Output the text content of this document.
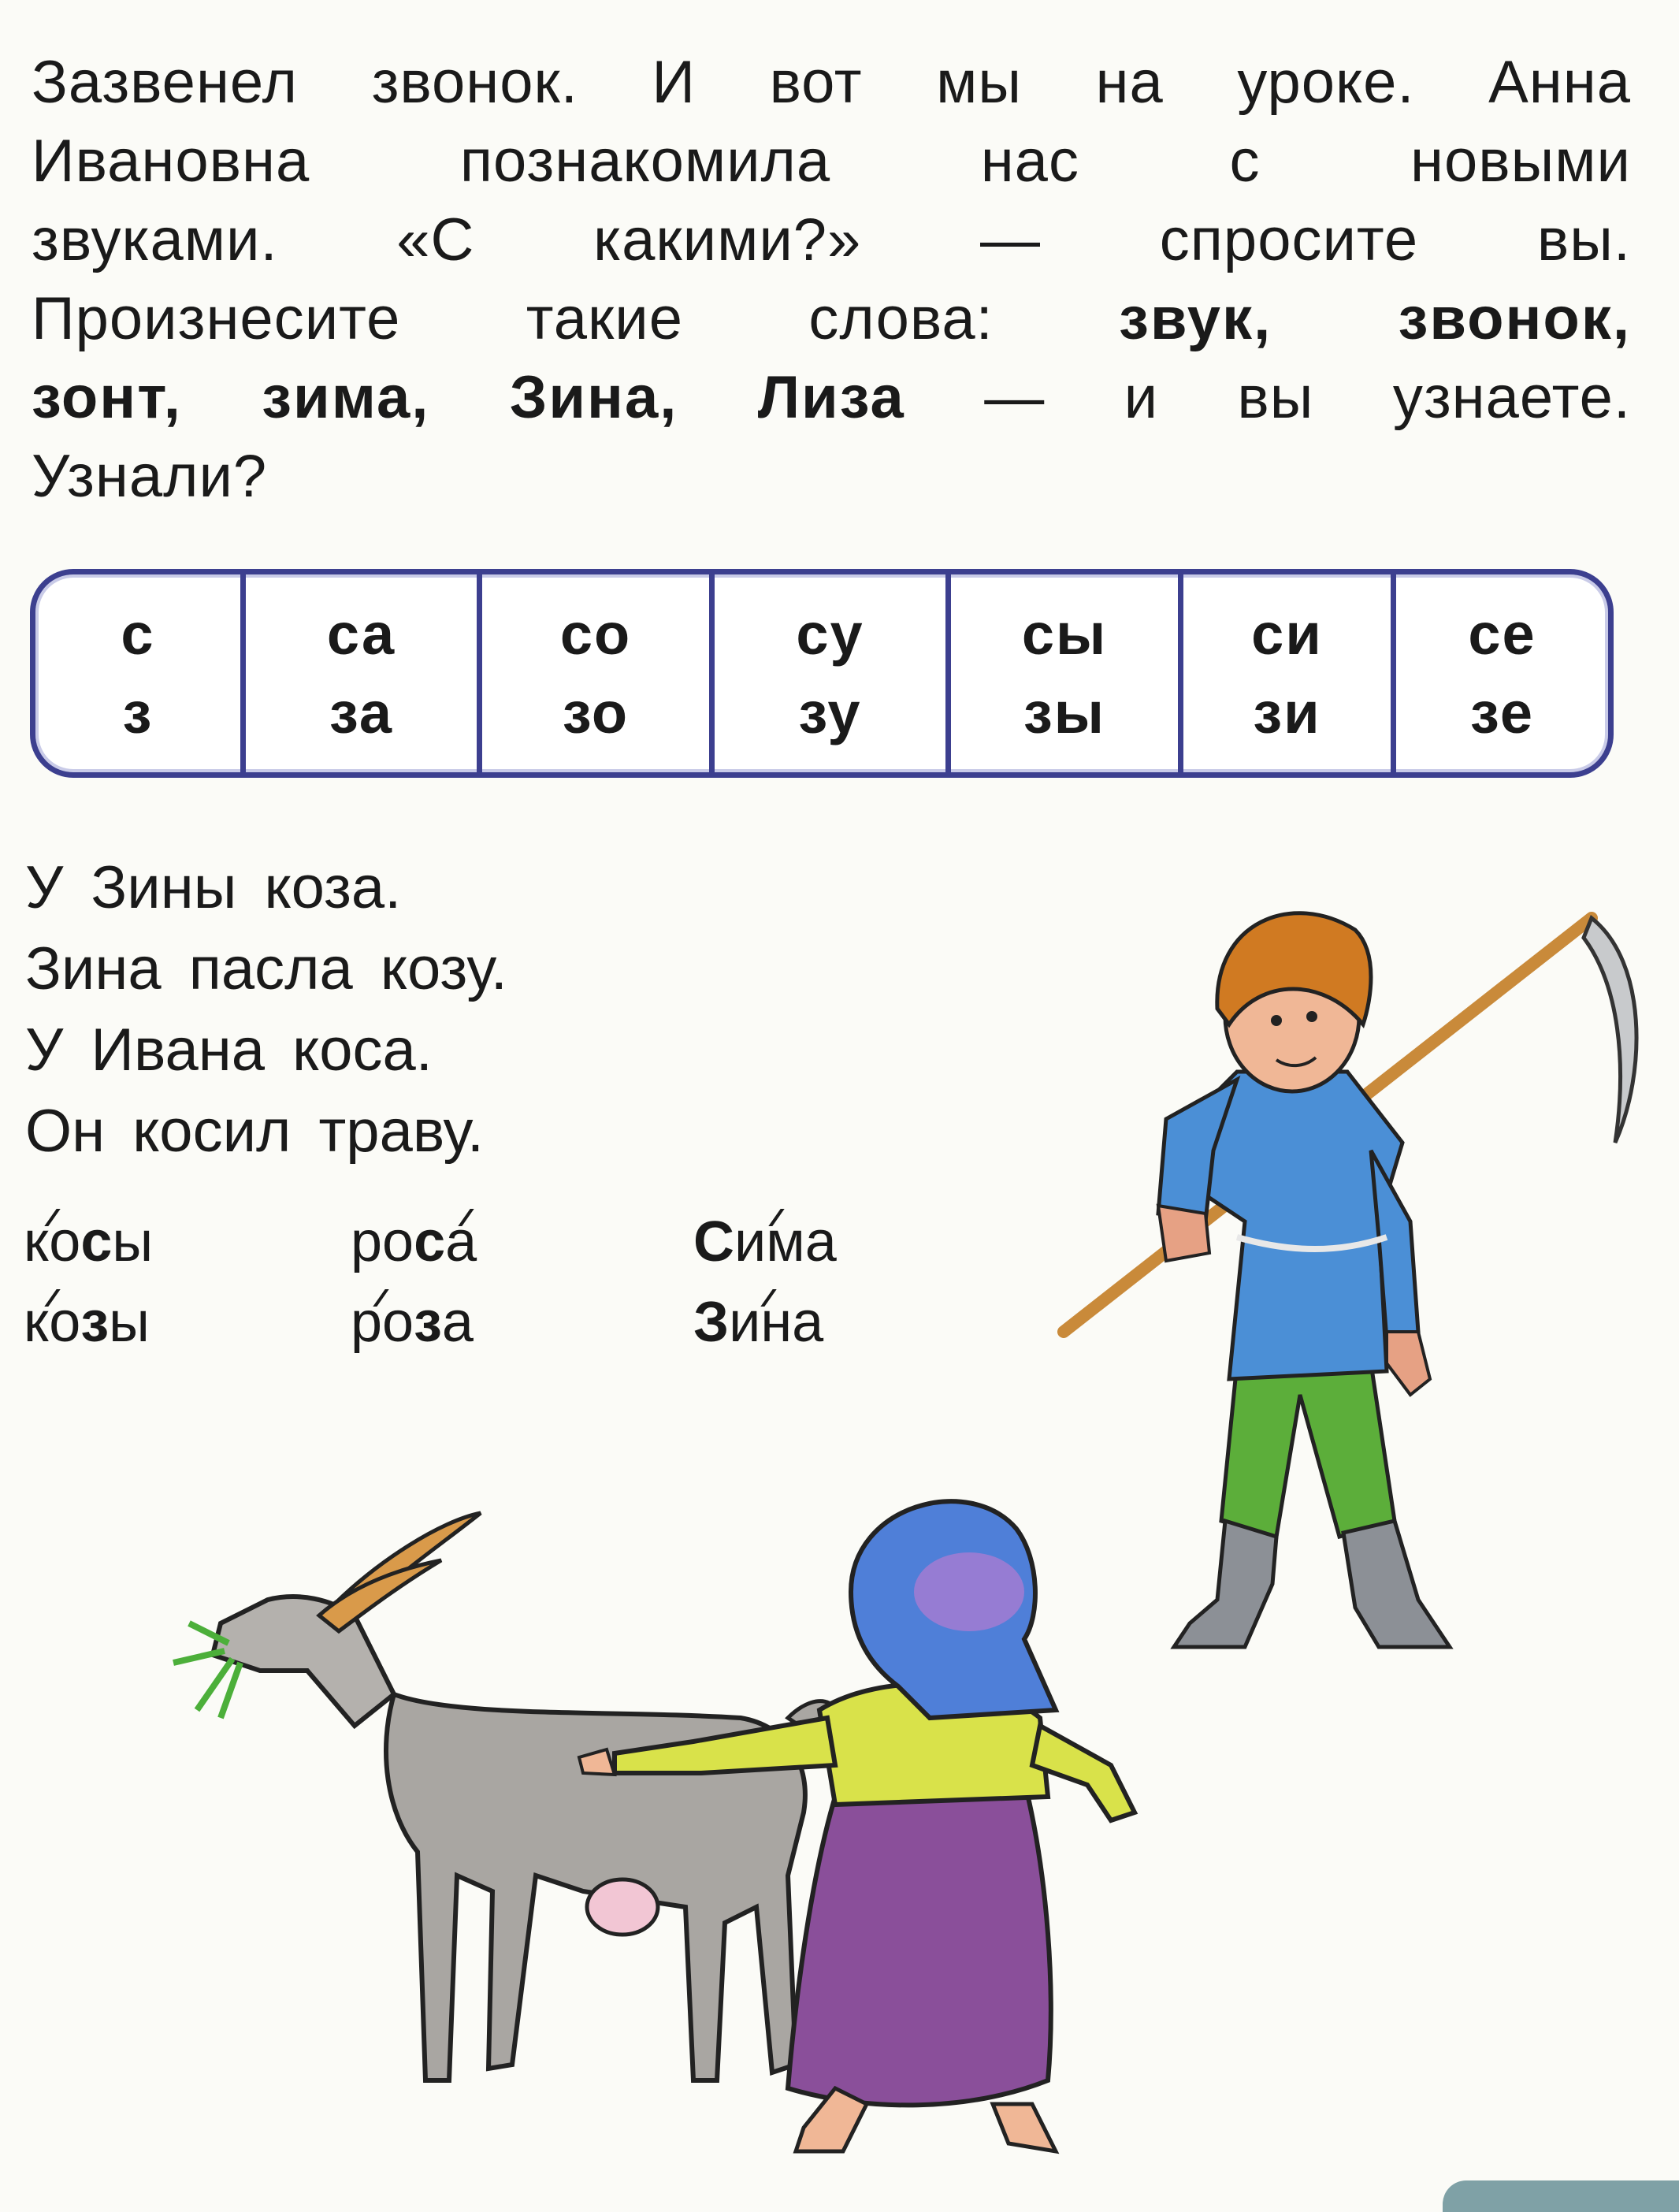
Зазвенел звонок. И вот мы на уроке. Анна
Ивановна познакомила нас с новыми
звуками. «С какими?» — спросите вы.
Произнесите такие слова: звук, звонок,
зонт, зима, Зина, Лиза — и вы узнаете.
Узнали?
с
з
са
за
со
зо
су
зу
сы
зы
си
зи
се
зе
У Зины коза.
Зина пасла козу.
У Ивана коса.
Он косил траву.
косы
козы
роса
роза
Сима
Зина
